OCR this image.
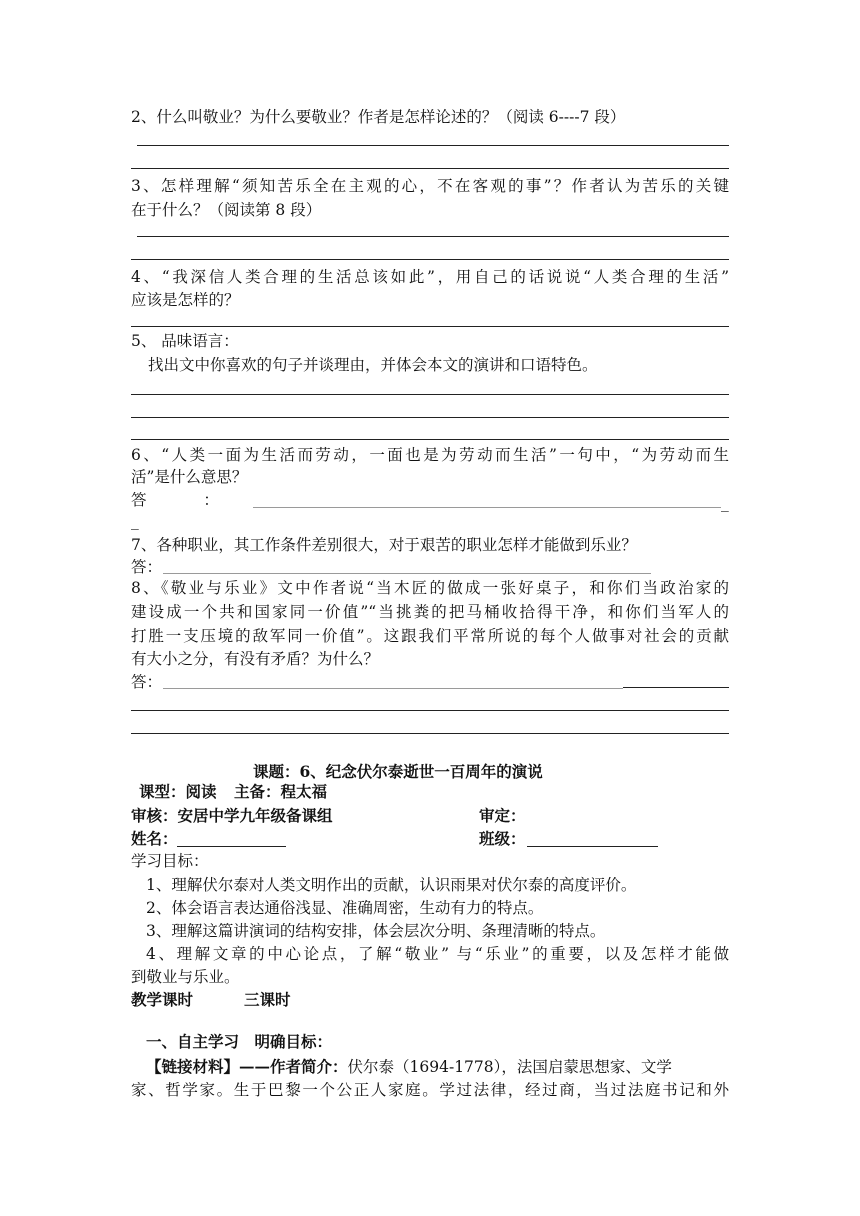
2、什么叫敬业？为什么要敬业？作者是怎样论述的？（阅读 6----7 段）
3、怎样理解“须知苦乐全在主观的心，不在客观的事”？作者认为苦乐的关键
在于什么？（阅读第 8 段）
4、“我深信人类合理的生活总该如此”，用自己的话说说“人类合理的生活”
应该是怎样的？
5、 品味语言：
找出文中你喜欢的句子并谈理由，并体会本文的演讲和口语特色。
6、“人类一面为生活而劳动，一面也是为劳动而生活”一句中，“为劳动而生
活”是什么意思？
答 ：	_
_
7、各种职业，其工作条件差别很大，对于艰苦的职业怎样才能做到乐业？
答：
8、《敬业与乐业》文中作者说“当木匠的做成一张好桌子，和你们当政治家的
建设成一个共和国家同一价值”“当挑粪的把马桶收拾得干净，和你们当军人的
打胜一支压境的敌军同一价值”。这跟我们平常所说的每个人做事对社会的贡献
有大小之分，有没有矛盾？为什么？
答：
课题：6、纪念伏尔泰逝世一百周年的演说
课型：阅读 主备：程太福
审核：安居中学九年级备课组	审定：
姓名：	班级：
学习目标：
1、理解伏尔泰对人类文明作出的贡献，认识雨果对伏尔泰的高度评价。
2、体会语言表达通俗浅显、准确周密，生动有力的特点。
3、理解这篇讲演词的结构安排，体会层次分明、条理清晰的特点。
4、理解文章的中心论点，了解“敬业” 与“乐业”的重要，以及怎样才能做
到敬业与乐业。
教学课时	三课时
一、自主学习　明确目标：
【链接材料】——作者简介：伏尔泰（1694-1778），法国启蒙思想家、文学
家、哲学家。生于巴黎一个公正人家庭。学过法律，经过商，当过法庭书记和外
